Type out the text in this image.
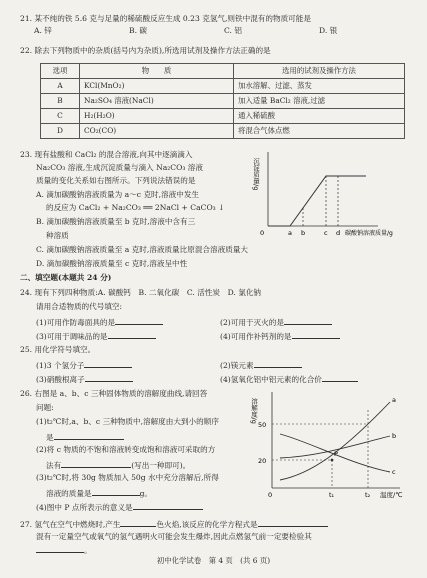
21. 某不纯的铁 5.6 克与足量的稀硫酸反应生成 0.23 克氢气,则铁中混有的物质可能是
A. 锌	B. 碳	C. 铝	D. 银
22. 除去下列物质中的杂质(括号内为杂质),所选用试剂及操作方法正确的是
选项	物　　质	选用的试剂及操作方法
A	KCl(MnO₂)	加水溶解、过滤、蒸发
B	Na₂SO₄ 溶液(NaCl)	加入适量 BaCl₂ 溶液,过滤
C	H₂(H₂O)	通入稀硫酸
D	CO₂(CO)	将混合气体点燃
23. 现有盐酸和 CaCl₂ 的混合溶液,向其中逐滴滴入
Na₂CO₃ 溶液,生成沉淀质量与滴入 Na₂CO₃ 溶液
质量的变化关系如右图所示。下列说法错误的是
A. 滴加碳酸钠溶液质量为 a～c 克时,溶液中发生
的反应为 CaCl₂ + Na₂CO₃ ══ 2NaCl + CaCO₃ ↓
B. 滴加碳酸钠溶液质量至 b 克时,溶液中含有三
种溶质
C. 滴加碳酸钠溶液质量至 a 克时,溶液质量比原混合溶液质量大
D. 滴加碳酸钠溶液质量至 c 克时,溶液呈中性
沉淀质量/g
0	a b	c d 碳酸钠溶液质量/g
二、填空题(本题共 24 分)
24. 现有下列四种物质:A. 碳酸钙　B. 二氧化碳　C. 活性炭　D. 氯化钠
请用合适物质的代号填空:
(1)可用作防毒面具的是	(2)可用于灭火的是
(3)可用于调味品的是	(4)可用作补钙剂的是
25. 用化学符号填空。
(1)3 个氢分子	(2)镁元素
(3)硝酸根离子	(4)氢氧化铝中铝元素的化合价
26. 右图是 a、b、c 三种固体物质的溶解度曲线,请回答
问题:
(1)t₂℃时,a、b、c 三种物质中,溶解度由大到小的顺序
是
(2)将 c 物质的不饱和溶液转变成饱和溶液可采取的方
法有	(写出一种即可)。
(3)t₂℃时,将 30g 物质加入 50g 水中充分溶解后,所得
溶液的质量是	g。
(4)图中 P 点所表示的意义是
溶解度/g
50
20
0	t₁	t₂ 温度/℃
a
b
c
P
27. 氢气在空气中燃烧时,产生	色火焰,该反应的化学方程式是
混有一定量空气或氧气的氢气遇明火可能会发生爆炸,因此点燃氢气前一定要检验其
。
初中化学试卷　第 4 页　(共 6 页)
